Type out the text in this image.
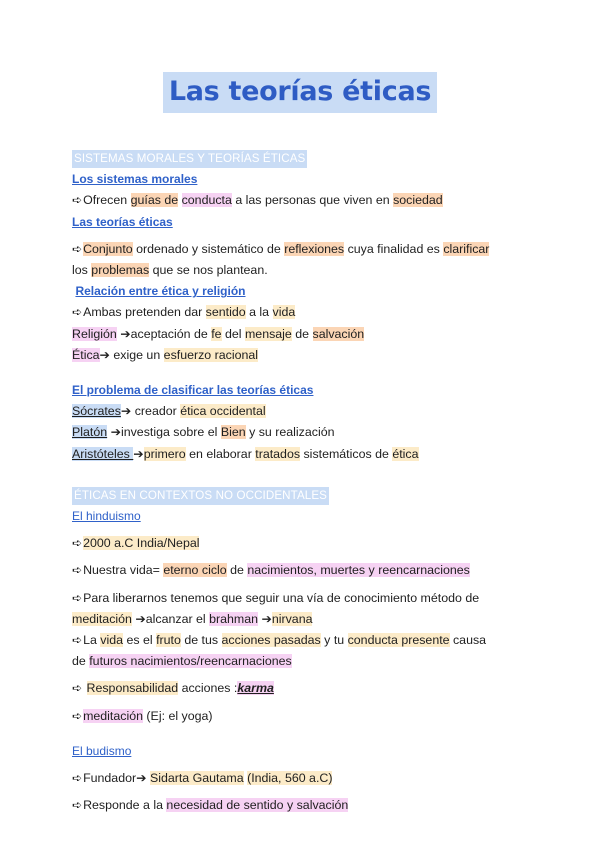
Las teorías éticas
SISTEMAS MORALES Y TEORÍAS ÉTICAS
Los sistemas morales
➪Ofrecen guías de conducta a las personas que viven en sociedad
Las teorías éticas
➪Conjunto ordenado y sistemático de reflexiones cuya finalidad es clarificar
los problemas que se nos plantean.
Relación entre ética y religión
➪Ambas pretenden dar sentido a la vida
Religión ➔aceptación de fe del mensaje de salvación
Ética➔ exige un esfuerzo racional
El problema de clasificar las teorías éticas
Sócrates➔ creador ética occidental
Platón ➔investiga sobre el Bien y su realización
Aristóteles ➔primero en elaborar tratados sistemáticos de ética
ÉTICAS EN CONTEXTOS NO OCCIDENTALES
El hinduismo
➪2000 a.C India/Nepal
➪Nuestra vida= eterno ciclo de nacimientos, muertes y reencarnaciones
➪Para liberarnos tenemos que seguir una vía de conocimiento método de
meditación ➔alcanzar el brahman ➔nirvana
➪La vida es el fruto de tus acciones pasadas y tu conducta presente causa
de futuros nacimientos/reencarnaciones
➪ Responsabilidad acciones :karma
➪meditación (Ej: el yoga)
El budismo
➪Fundador➔ Sidarta Gautama (India, 560 a.C)
➪Responde a la necesidad de sentido y salvación
